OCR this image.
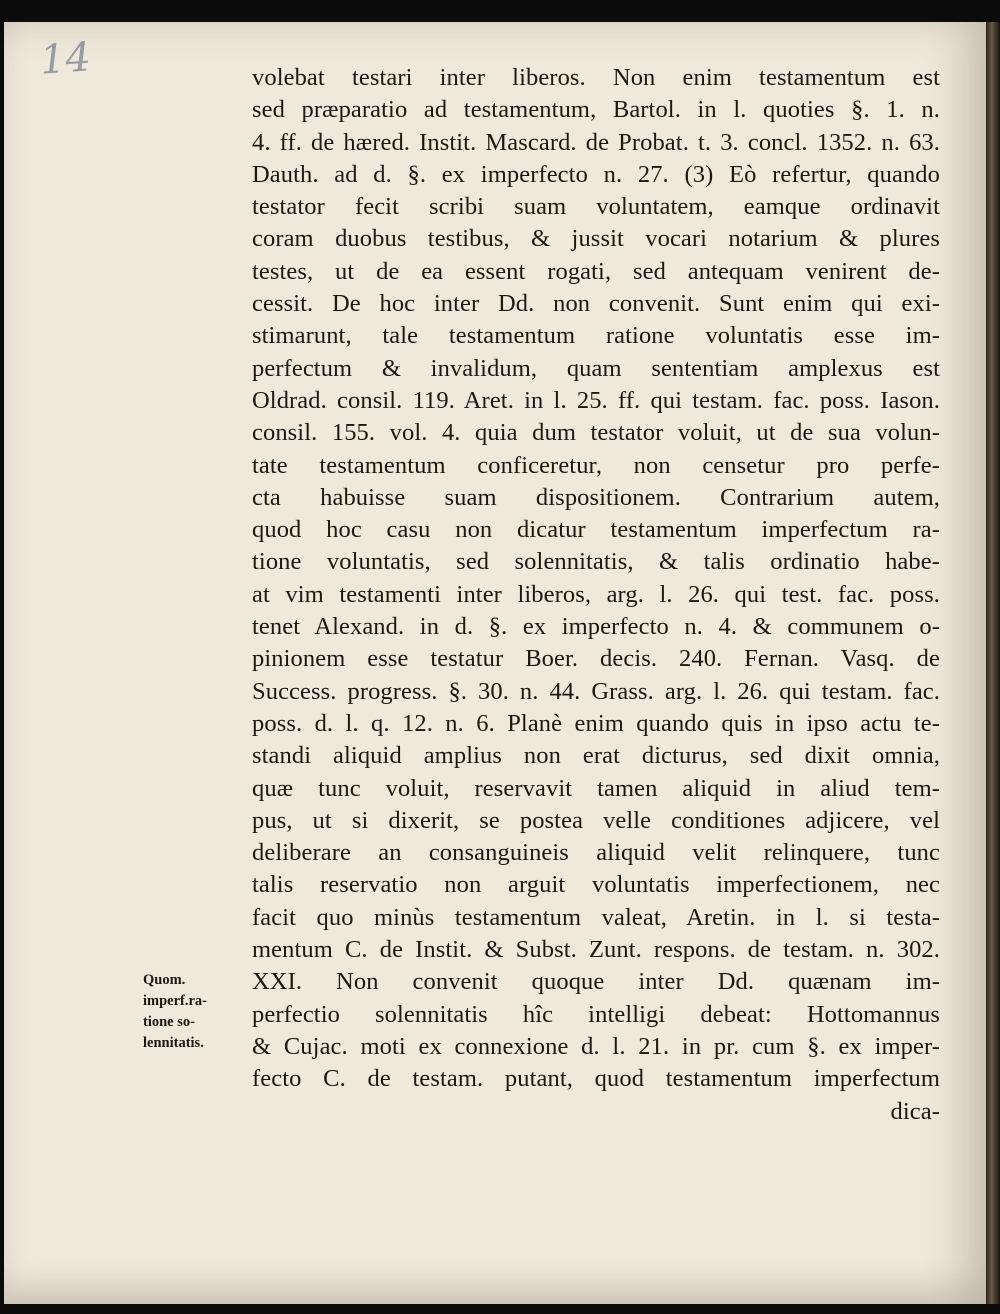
14
Quom.
imperf.ra-
tione so-
lennitatis.
volebat testari inter liberos. Non enim testamentum est
sed præparatio ad testamentum, Bartol. in l. quoties §. 1. n.
4. ff. de hæred. Instit. Mascard. de Probat. t. 3. concl. 1352. n. 63.
Dauth. ad d. §. ex imperfecto n. 27. (3) Eò refertur, quando
testator fecit scribi suam voluntatem, eamque ordinavit
coram duobus testibus, & jussit vocari notarium & plures
testes, ut de ea essent rogati, sed antequam venirent de-
cessit. De hoc inter Dd. non convenit. Sunt enim qui exi-
stimarunt, tale testamentum ratione voluntatis esse im-
perfectum & invalidum, quam sententiam amplexus est
Oldrad. consil. 119. Aret. in l. 25. ff. qui testam. fac. poss. Iason.
consil. 155. vol. 4. quia dum testator voluit, ut de sua volun-
tate testamentum conficeretur, non censetur pro perfe-
cta habuisse suam dispositionem. Contrarium autem,
quod hoc casu non dicatur testamentum imperfectum ra-
tione voluntatis, sed solennitatis, & talis ordinatio habe-
at vim testamenti inter liberos, arg. l. 26. qui test. fac. poss.
tenet Alexand. in d. §. ex imperfecto n. 4. & communem o-
pinionem esse testatur Boer. decis. 240. Fernan. Vasq. de
Success. progress. §. 30. n. 44. Grass. arg. l. 26. qui testam. fac.
poss. d. l. q. 12. n. 6. Planè enim quando quis in ipso actu te-
standi aliquid amplius non erat dicturus, sed dixit omnia,
quæ tunc voluit, reservavit tamen aliquid in aliud tem-
pus, ut si dixerit, se postea velle conditiones adjicere, vel
deliberare an consanguineis aliquid velit relinquere, tunc
talis reservatio non arguit voluntatis imperfectionem, nec
facit quo minùs testamentum valeat, Aretin. in l. si testa-
mentum C. de Instit. & Subst. Zunt. respons. de testam. n. 302.
XXI. Non convenit quoque inter Dd. quænam im-
perfectio solennitatis hîc intelligi debeat: Hottomannus
& Cujac. moti ex connexione d. l. 21. in pr. cum §. ex imper-
fecto C. de testam. putant, quod testamentum imperfectum
dica-
